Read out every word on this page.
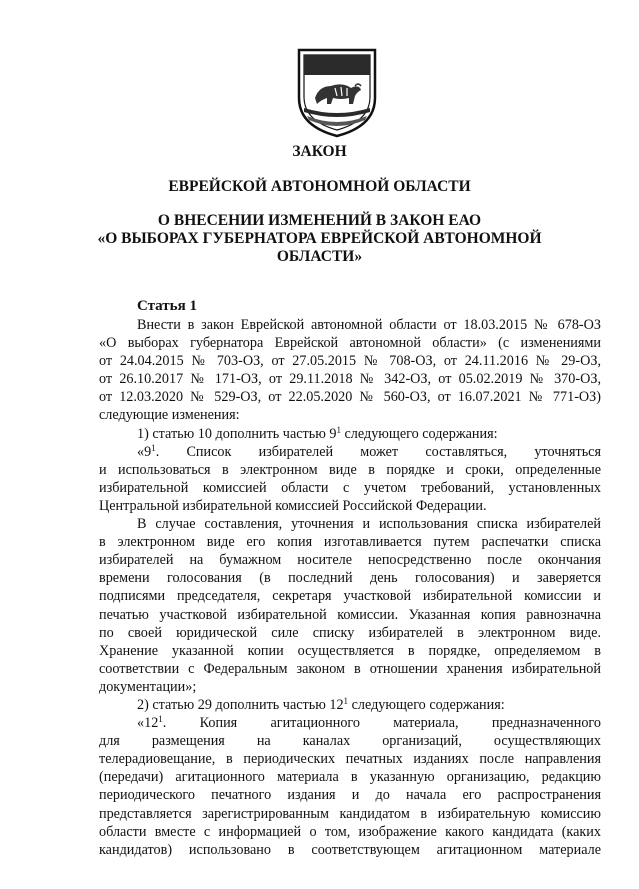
ЗАКОН
ЕВРЕЙСКОЙ АВТОНОМНОЙ ОБЛАСТИ
О ВНЕСЕНИИ ИЗМЕНЕНИЙ В ЗАКОН ЕАО
«О ВЫБОРАХ ГУБЕРНАТОРА ЕВРЕЙСКОЙ АВТОНОМНОЙ
ОБЛАСТИ»
Статья 1
Внести в закон Еврейской автономной области от 18.03.2015 № 678-ОЗ
«О выборах губернатора Еврейской автономной области» (с изменениями
от 24.04.2015 № 703-ОЗ, от 27.05.2015 № 708-ОЗ, от 24.11.2016 № 29-ОЗ,
от 26.10.2017 № 171-ОЗ, от 29.11.2018 № 342-ОЗ, от 05.02.2019 № 370-ОЗ,
от 12.03.2020 № 529-ОЗ, от 22.05.2020 № 560-ОЗ, от 16.07.2021 № 771-ОЗ)
следующие изменения:
1) статью 10 дополнить частью $9^1$ следующего содержания:
«$9^1$. Список избирателей может составляться, уточняться
и использоваться в электронном виде в порядке и сроки, определенные
избирательной комиссией области с учетом требований, установленных
Центральной избирательной комиссией Российской Федерации.
В случае составления, уточнения и использования списка избирателей
в электронном виде его копия изготавливается путем распечатки списка
избирателей на бумажном носителе непосредственно после окончания
времени голосования (в последний день голосования) и заверяется
подписями председателя, секретаря участковой избирательной комиссии и
печатью участковой избирательной комиссии. Указанная копия равнозначна
по своей юридической силе списку избирателей в электронном виде.
Хранение указанной копии осуществляется в порядке, определяемом в
соответствии с Федеральным законом в отношении хранения избирательной
документации»;
2) статью 29 дополнить частью $12^1$ следующего содержания:
«$12^1$. Копия агитационного материала, предназначенного
для размещения на каналах организаций, осуществляющих
телерадиовещание, в периодических печатных изданиях после направления
(передачи) агитационного материала в указанную организацию, редакцию
периодического печатного издания и до начала его распространения
представляется зарегистрированным кандидатом в избирательную комиссию
области вместе с информацией о том, изображение какого кандидата (каких
кандидатов) использовано в соответствующем агитационном материале
